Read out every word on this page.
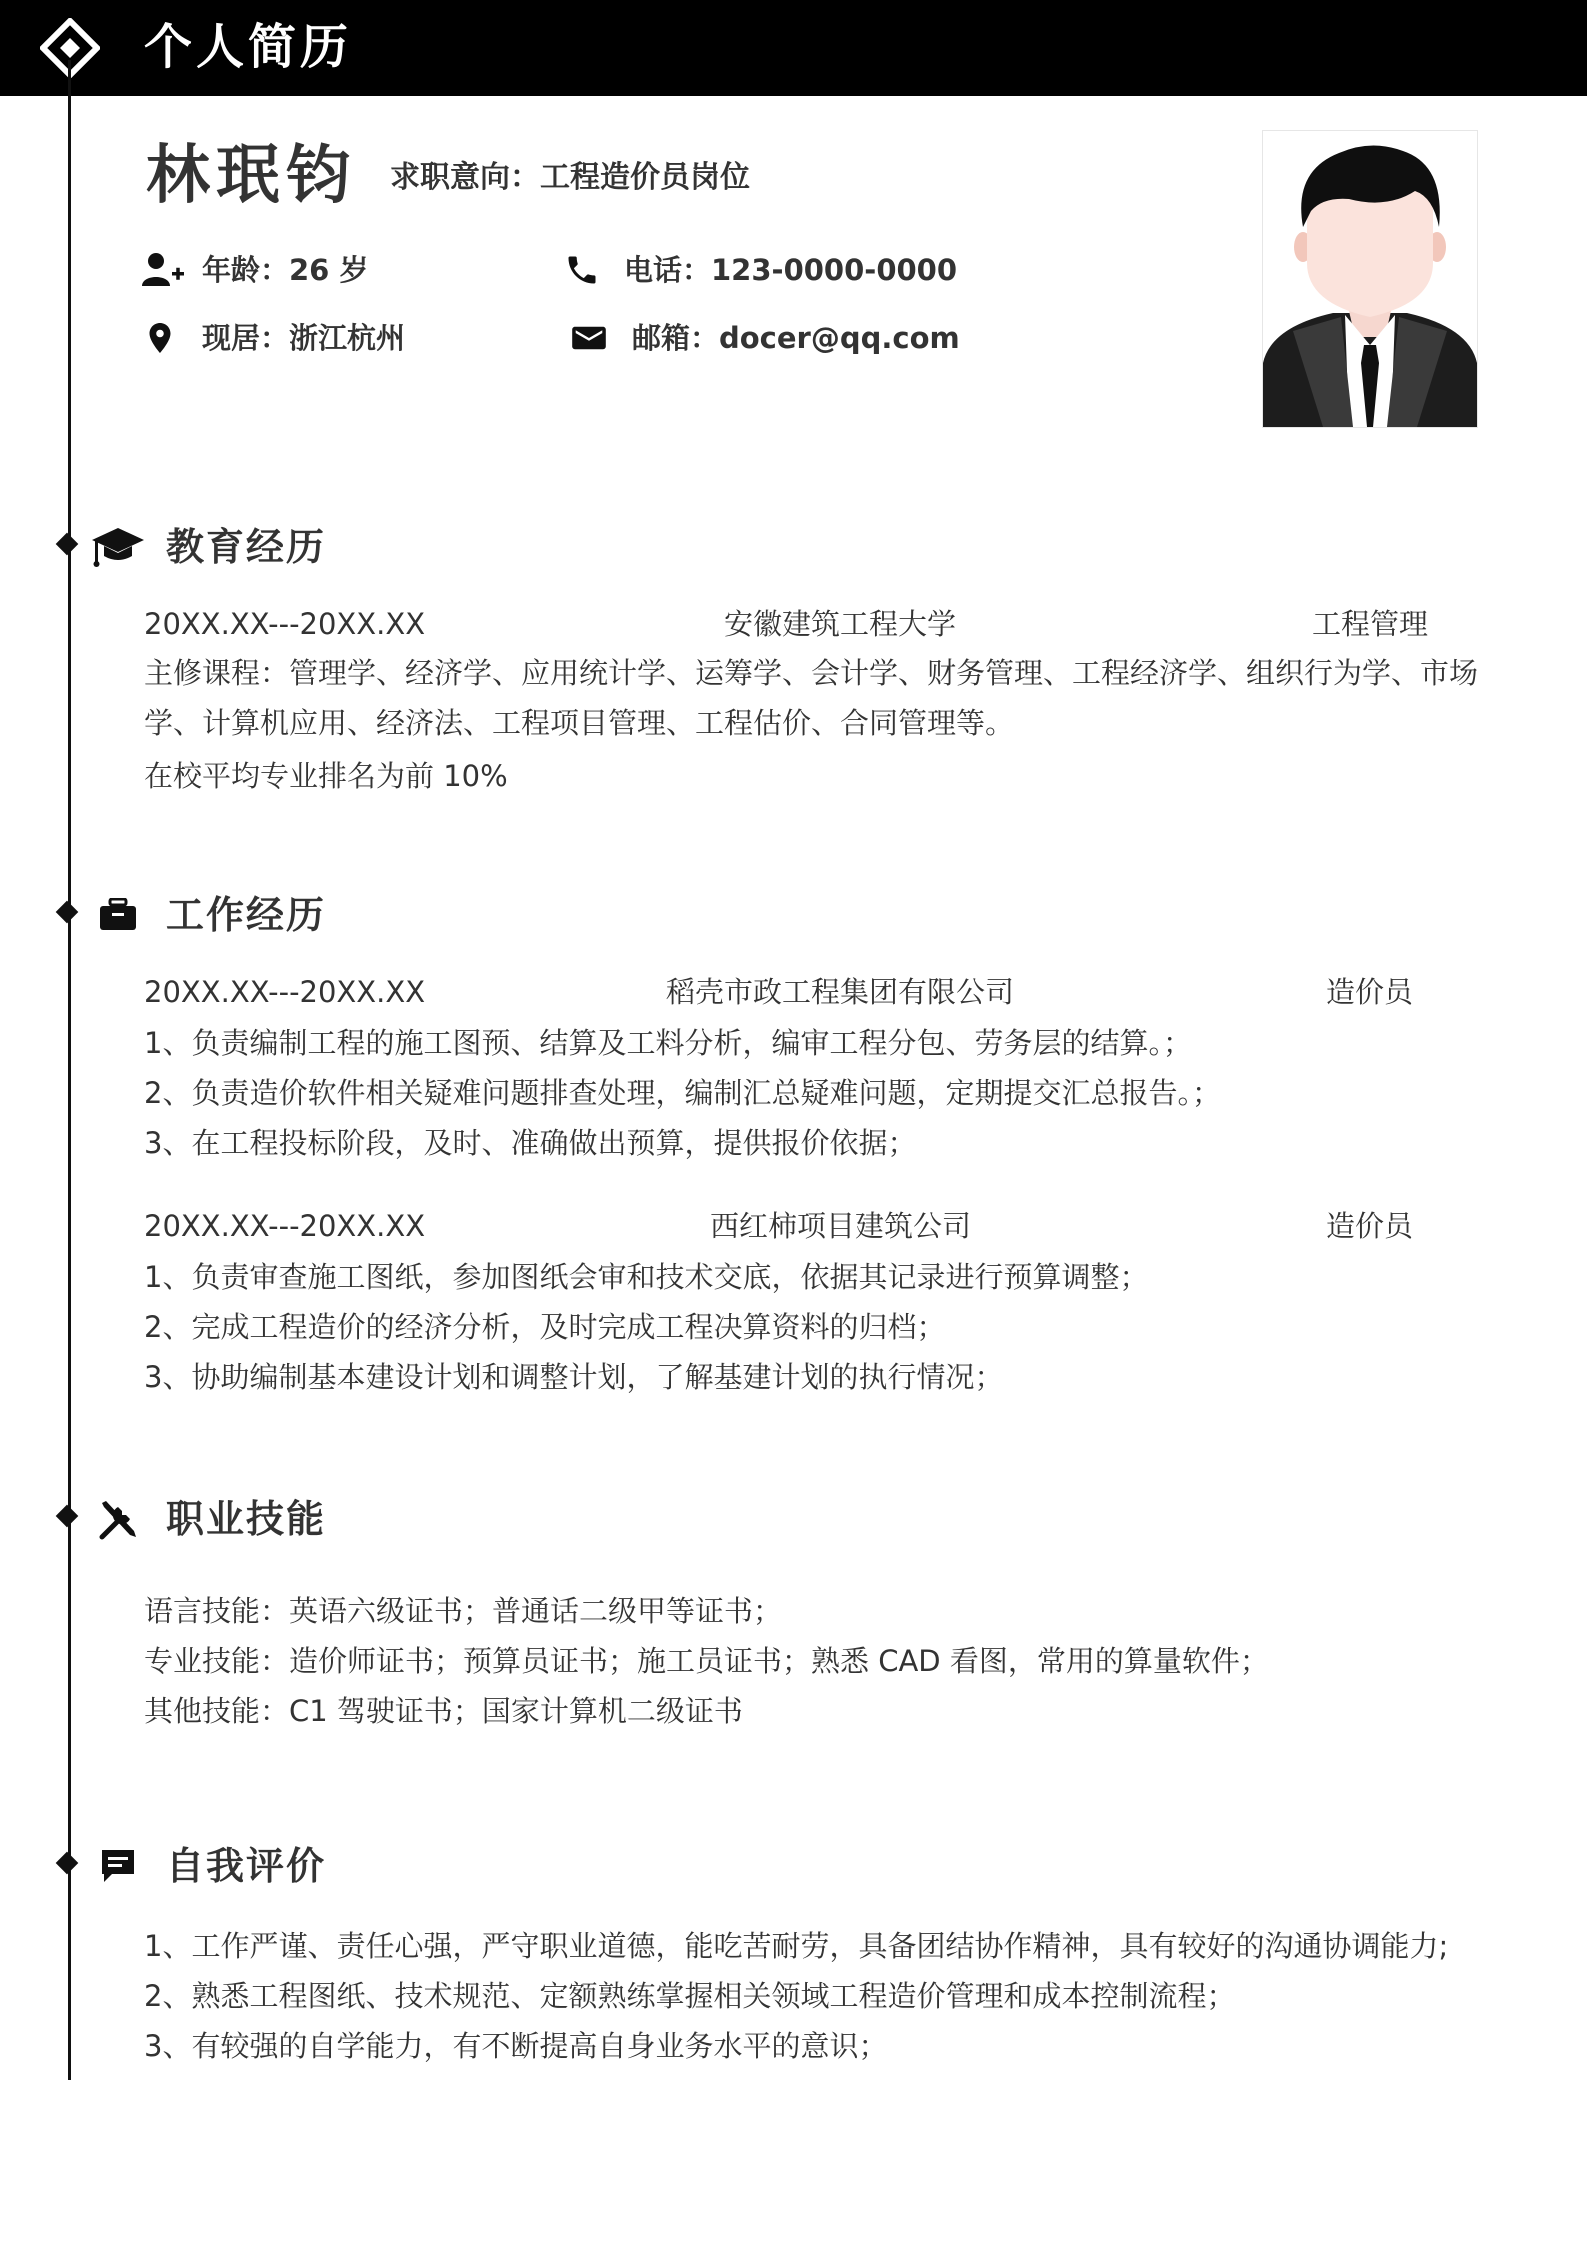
个人简历
林珉钧 求职意向：工程造价员岗位
年龄：26 岁	电话：123-0000-0000
现居：浙江杭州	邮箱：docer@qq.com
教育经历
20XX.XX---20XX.XX	安徽建筑工程大学	工程管理
主修课程：管理学、经济学、应用统计学、运筹学、会计学、财务管理、工程经济学、组织行为学、市场学、计算机应用、经济法、工程项目管理、工程估价、合同管理等。
在校平均专业排名为前 10%
工作经历
20XX.XX---20XX.XX	稻壳市政工程集团有限公司	造价员
1、负责编制工程的施工图预、结算及工料分析，编审工程分包、劳务层的结算。；
2、负责造价软件相关疑难问题排查处理，编制汇总疑难问题，定期提交汇总报告。；
3、在工程投标阶段，及时、准确做出预算，提供报价依据；
20XX.XX---20XX.XX	西红柿项目建筑公司	造价员
1、负责审查施工图纸，参加图纸会审和技术交底，依据其记录进行预算调整；
2、完成工程造价的经济分析，及时完成工程决算资料的归档；
3、协助编制基本建设计划和调整计划，了解基建计划的执行情况；
职业技能
语言技能：英语六级证书；普通话二级甲等证书；
专业技能：造价师证书；预算员证书；施工员证书；熟悉 CAD 看图，常用的算量软件；
其他技能：C1 驾驶证书；国家计算机二级证书
自我评价
1、工作严谨、责任心强，严守职业道德，能吃苦耐劳，具备团结协作精神，具有较好的沟通协调能力;
2、熟悉工程图纸、技术规范、定额熟练掌握相关领域工程造价管理和成本控制流程；
3、有较强的自学能力，有不断提高自身业务水平的意识；
